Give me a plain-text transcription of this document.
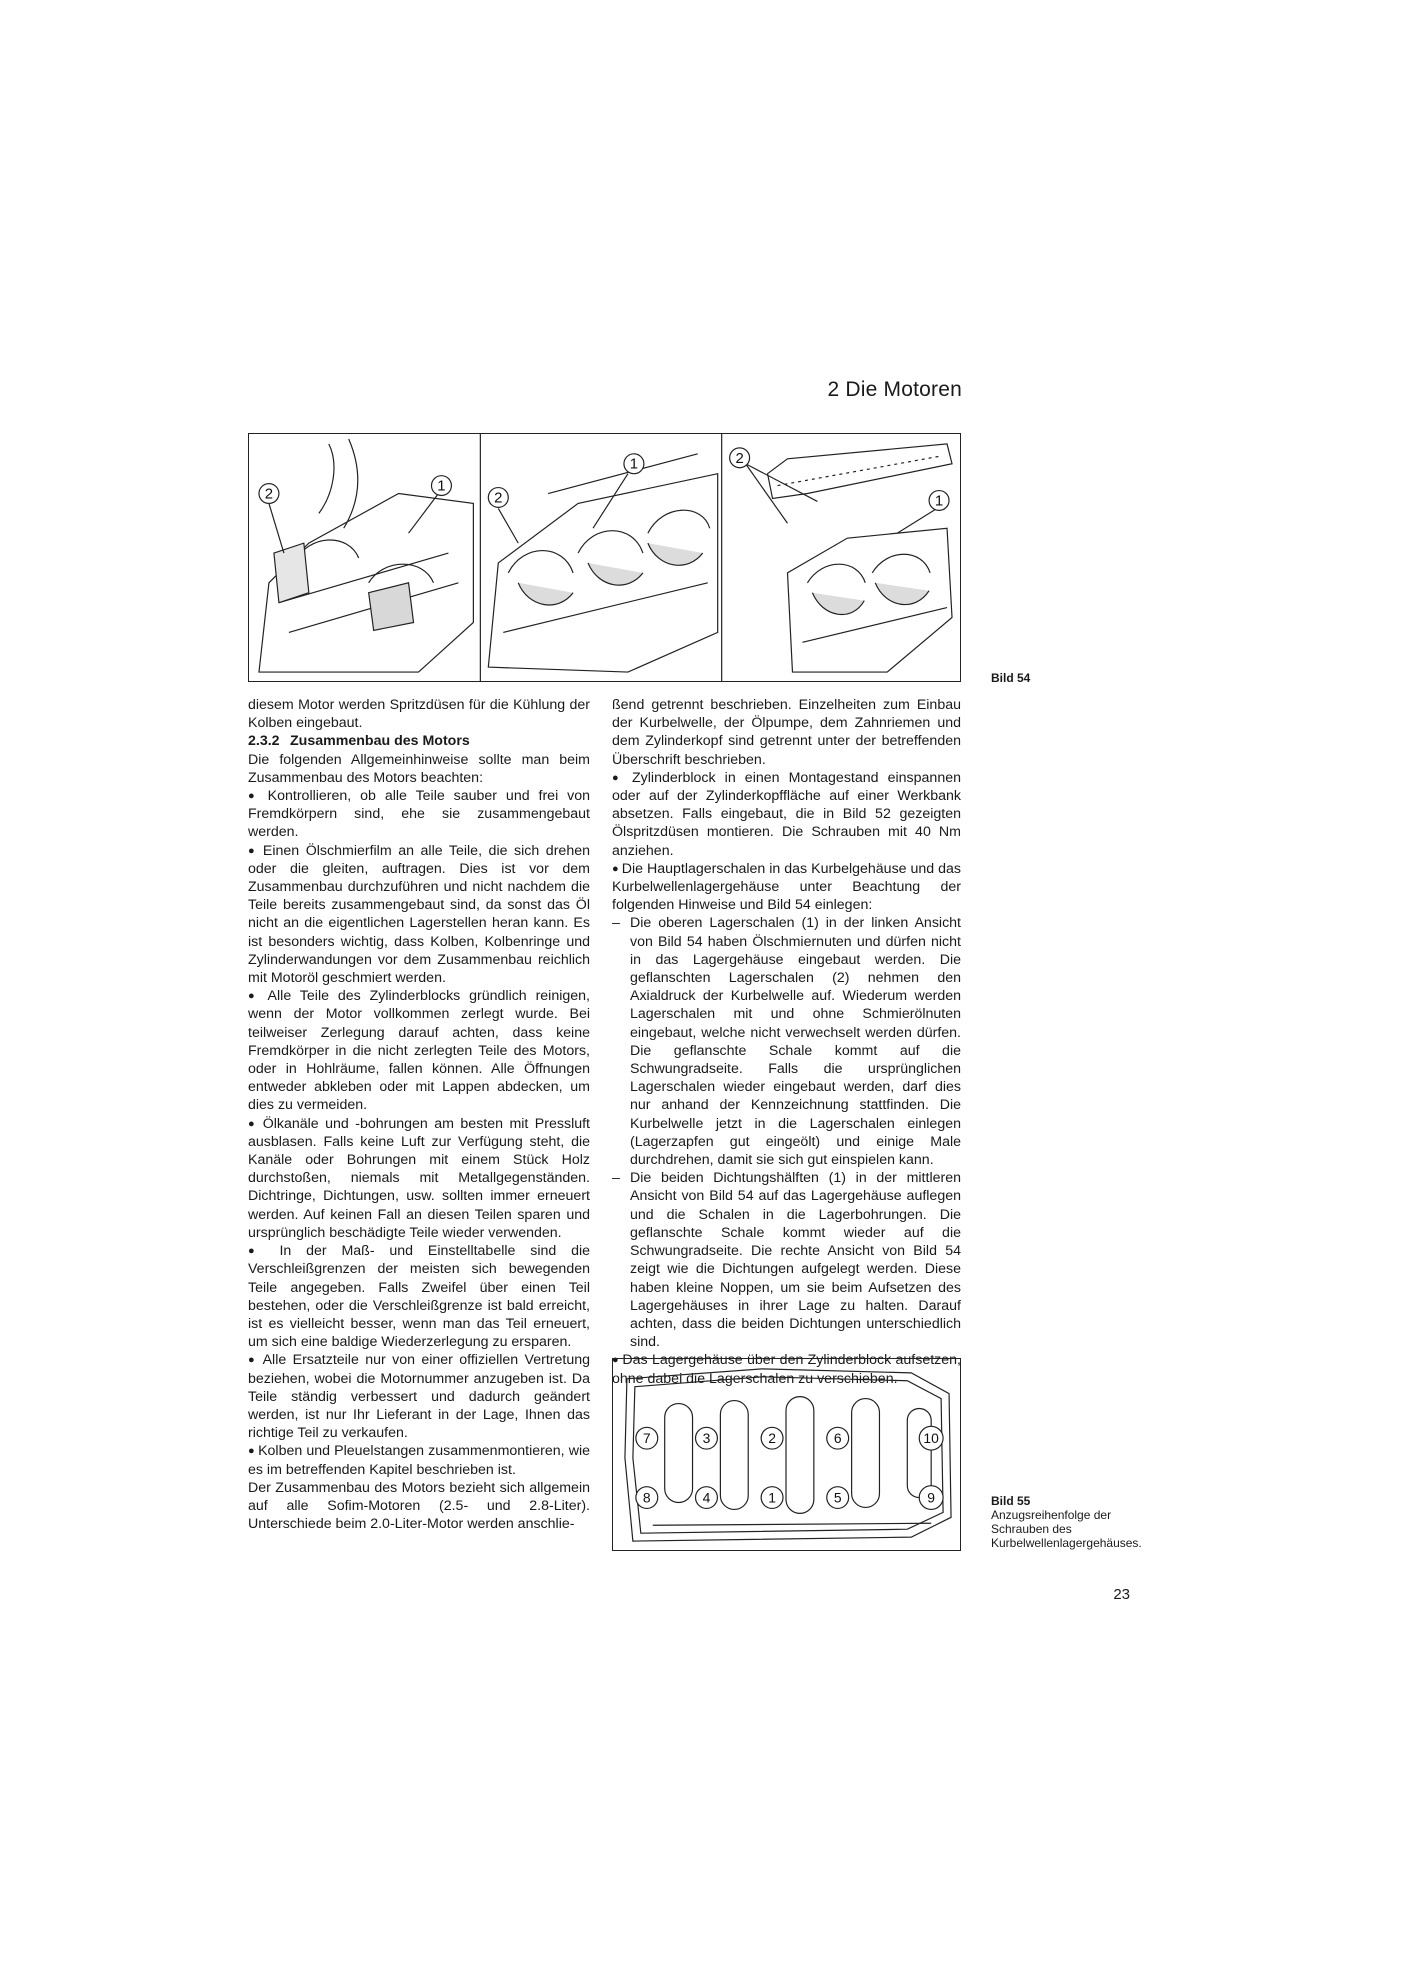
2 Die Motoren
2	1
2
1	2
1

Bild 54

diesem Motor werden Spritzdüsen für die Kühlung der Kolben eingebaut.

2.3.2 Zusammenbau des Motors

Die folgenden Allgemeinhinweise sollte man beim Zusammenbau des Motors beachten:

● Kontrollieren, ob alle Teile sauber und frei von Fremdkörpern sind, ehe sie zusammengebaut werden.

● Einen Ölschmierfilm an alle Teile, die sich drehen oder die gleiten, auftragen. Dies ist vor dem Zusammenbau durchzuführen und nicht nachdem die Teile bereits zusammengebaut sind, da sonst das Öl nicht an die eigentlichen Lagerstellen heran kann. Es ist besonders wichtig, dass Kolben, Kolbenringe und Zylinderwandungen vor dem Zusammenbau reichlich mit Motoröl geschmiert werden.

● Alle Teile des Zylinderblocks gründlich reinigen, wenn der Motor vollkommen zerlegt wurde. Bei teilweiser Zerlegung darauf achten, dass keine Fremdkörper in die nicht zerlegten Teile des Motors, oder in Hohlräume, fallen können. Alle Öffnungen entweder abkleben oder mit Lappen abdecken, um dies zu vermeiden.

● Ölkanäle und -bohrungen am besten mit Pressluft ausblasen. Falls keine Luft zur Verfügung steht, die Kanäle oder Bohrungen mit einem Stück Holz durchstoßen, niemals mit Metallgegenständen. Dichtringe, Dichtungen, usw. sollten immer erneuert werden. Auf keinen Fall an diesen Teilen sparen und ursprünglich beschädigte Teile wieder verwenden.

● In der Maß- und Einstelltabelle sind die Verschleißgrenzen der meisten sich bewegenden Teile angegeben. Falls Zweifel über einen Teil bestehen, oder die Verschleißgrenze ist bald erreicht, ist es vielleicht besser, wenn man das Teil erneuert, um sich eine baldige Wiederzerlegung zu ersparen.

● Alle Ersatzteile nur von einer offiziellen Vertretung beziehen, wobei die Motornummer anzugeben ist. Da Teile ständig verbessert und dadurch geändert werden, ist nur Ihr Lieferant in der Lage, Ihnen das richtige Teil zu verkaufen.

● Kolben und Pleuelstangen zusammenmontieren, wie es im betreffenden Kapitel beschrieben ist.

Der Zusammenbau des Motors bezieht sich allgemein auf alle Sofim-Motoren (2.5- und 2.8-Liter). Unterschiede beim 2.0-Liter-Motor werden anschlie-

ßend getrennt beschrieben. Einzelheiten zum Einbau der Kurbelwelle, der Ölpumpe, dem Zahnriemen und dem Zylinderkopf sind getrennt unter der betreffenden Überschrift beschrieben.

● Zylinderblock in einen Montagestand einspannen oder auf der Zylinderkopffläche auf einer Werkbank absetzen. Falls eingebaut, die in Bild 52 gezeigten Ölspritzdüsen montieren. Die Schrauben mit 40 Nm anziehen.

● Die Hauptlagerschalen in das Kurbelgehäuse und das Kurbelwellenlagergehäuse unter Beachtung der folgenden Hinweise und Bild 54 einlegen:

– Die oberen Lagerschalen (1) in der linken Ansicht von Bild 54 haben Ölschmiernuten und dürfen nicht in das Lagergehäuse eingebaut werden. Die geflanschten Lagerschalen (2) nehmen den Axialdruck der Kurbelwelle auf. Wiederum werden Lagerschalen mit und ohne Schmierölnuten eingebaut, welche nicht verwechselt werden dürfen. Die geflanschte Schale kommt auf die Schwungradseite. Falls die ursprünglichen Lagerschalen wieder eingebaut werden, darf dies nur anhand der Kennzeichnung stattfinden. Die Kurbelwelle jetzt in die Lagerschalen einlegen (Lagerzapfen gut eingeölt) und einige Male durchdrehen, damit sie sich gut einspielen kann.

– Die beiden Dichtungshälften (1) in der mittleren Ansicht von Bild 54 auf das Lagergehäuse auflegen und die Schalen in die Lagerbohrungen. Die geflanschte Schale kommt wieder auf die Schwungradseite. Die rechte Ansicht von Bild 54 zeigt wie die Dichtungen aufgelegt werden. Diese haben kleine Noppen, um sie beim Aufsetzen des Lagergehäuses in ihrer Lage zu halten. Darauf achten, dass die beiden Dichtungen unterschiedlich sind.

● Das Lagergehäuse über den Zylinderblock aufsetzen, ohne dabei die Lagerschalen zu verschieben.

7	3	2	6	10
8	4	1	5	9	Bild 55
Anzugsreihenfolge der Schrauben des Kurbelwellenlagergehäuses.
23
